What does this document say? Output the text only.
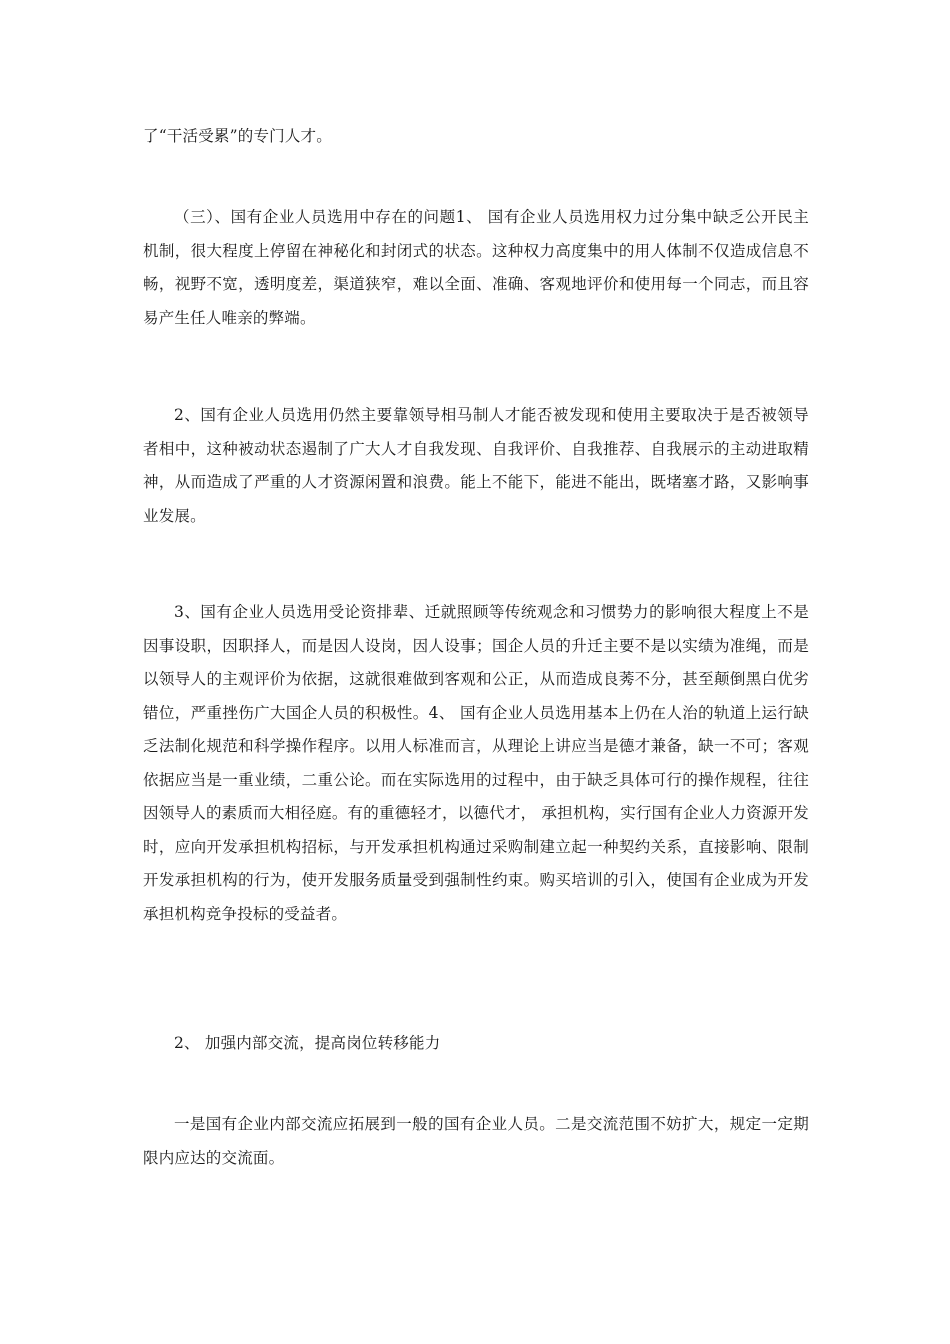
了“干活受累”的专门人才。

（三）、国有企业人员选用中存在的问题1、 国有企业人员选用权力过分集中缺乏公开民主机制，很大程度上停留在神秘化和封闭式的状态。这种权力高度集中的用人体制不仅造成信息不畅，视野不宽，透明度差，渠道狭窄，难以全面、准确、客观地评价和使用每一个同志，而且容易产生任人唯亲的弊端。

2、国有企业人员选用仍然主要靠领导相马制人才能否被发现和使用主要取决于是否被领导者相中，这种被动状态遏制了广大人才自我发现、自我评价、自我推荐、自我展示的主动进取精神，从而造成了严重的人才资源闲置和浪费。能上不能下，能进不能出，既堵塞才路，又影响事业发展。

3、国有企业人员选用受论资排辈、迁就照顾等传统观念和习惯势力的影响很大程度上不是因事设职，因职择人，而是因人设岗，因人设事；国企人员的升迁主要不是以实绩为准绳，而是以领导人的主观评价为依据，这就很难做到客观和公正，从而造成良莠不分，甚至颠倒黑白优劣错位，严重挫伤广大国企人员的积极性。4、 国有企业人员选用基本上仍在人治的轨道上运行缺乏法制化规范和科学操作程序。以用人标准而言，从理论上讲应当是德才兼备，缺一不可；客观依据应当是一重业绩，二重公论。而在实际选用的过程中，由于缺乏具体可行的操作规程，往往因领导人的素质而大相径庭。有的重德轻才，以德代才， 承担机构，实行国有企业人力资源开发时，应向开发承担机构招标，与开发承担机构通过采购制建立起一种契约关系，直接影响、限制开发承担机构的行为，使开发服务质量受到强制性约束。购买培训的引入，使国有企业成为开发承担机构竞争投标的受益者。

2、 加强内部交流，提高岗位转移能力

一是国有企业内部交流应拓展到一般的国有企业人员。二是交流范围不妨扩大，规定一定期限内应达的交流面。
